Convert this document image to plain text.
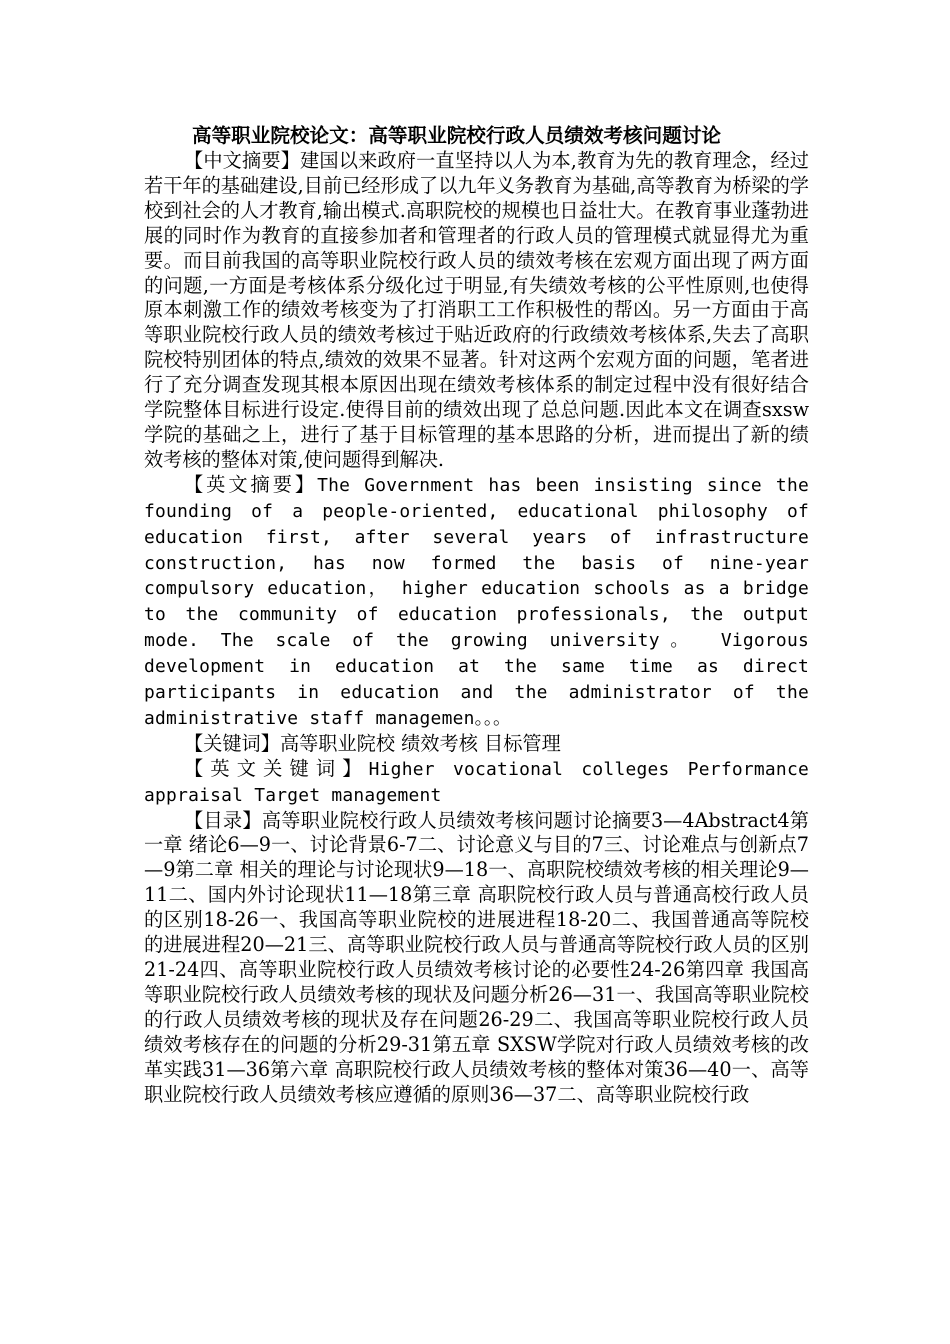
高等职业院校论文：高等职业院校行政人员绩效考核问题讨论

【中文摘要】建国以来政府一直坚持以人为本,教育为先的教育理念，经过若干年的基础建设,目前已经形成了以九年义务教育为基础,高等教育为桥梁的学校到社会的人才教育,输出模式.高职院校的规模也日益壮大。在教育事业蓬勃进展的同时作为教育的直接参加者和管理者的行政人员的管理模式就显得尤为重要。而目前我国的高等职业院校行政人员的绩效考核在宏观方面出现了两方面的问题,一方面是考核体系分级化过于明显,有失绩效考核的公平性原则,也使得原本刺激工作的绩效考核变为了打消职工工作积极性的帮凶。另一方面由于高等职业院校行政人员的绩效考核过于贴近政府的行政绩效考核体系,失去了高职院校特别团体的特点,绩效的效果不显著。针对这两个宏观方面的问题，笔者进行了充分调查发现其根本原因出现在绩效考核体系的制定过程中没有很好结合学院整体目标进行设定.使得目前的绩效出现了总总问题.因此本文在调查sxsw学院的基础之上，进行了基于目标管理的基本思路的分析，进而提出了新的绩效考核的整体对策,使问题得到解决.

【英文摘要】The Government has been insisting since the founding of a people-oriented, educational philosophy of education first, after several years of infrastructure construction, has now formed the basis of nine-year compulsory education， higher education schools as a bridge to the community of education professionals, the output mode. The scale of the growing university。 Vigorous development in education at the same time as direct participants in education and the administrator of the administrative staff managemen。。。

【关键词】高等职业院校 绩效考核 目标管理

【英文关键词】Higher vocational colleges Performance appraisal Target management

【目录】高等职业院校行政人员绩效考核问题讨论摘要3—4Abstract4第一章 绪论6—9一、讨论背景6-7二、讨论意义与目的7三、讨论难点与创新点7—9第二章 相关的理论与讨论现状9—18一、高职院校绩效考核的相关理论9—11二、国内外讨论现状11—18第三章 高职院校行政人员与普通高校行政人员的区别18-26一、我国高等职业院校的进展进程18-20二、我国普通高等院校的进展进程20—21三、高等职业院校行政人员与普通高等院校行政人员的区别21-24四、高等职业院校行政人员绩效考核讨论的必要性24-26第四章 我国高等职业院校行政人员绩效考核的现状及问题分析26—31一、我国高等职业院校的行政人员绩效考核的现状及存在问题26-29二、我国高等职业院校行政人员绩效考核存在的问题的分析29-31第五章 SXSW学院对行政人员绩效考核的改革实践31—36第六章 高职院校行政人员绩效考核的整体对策36—40一、高等职业院校行政人员绩效考核应遵循的原则36—37二、高等职业院校行政
